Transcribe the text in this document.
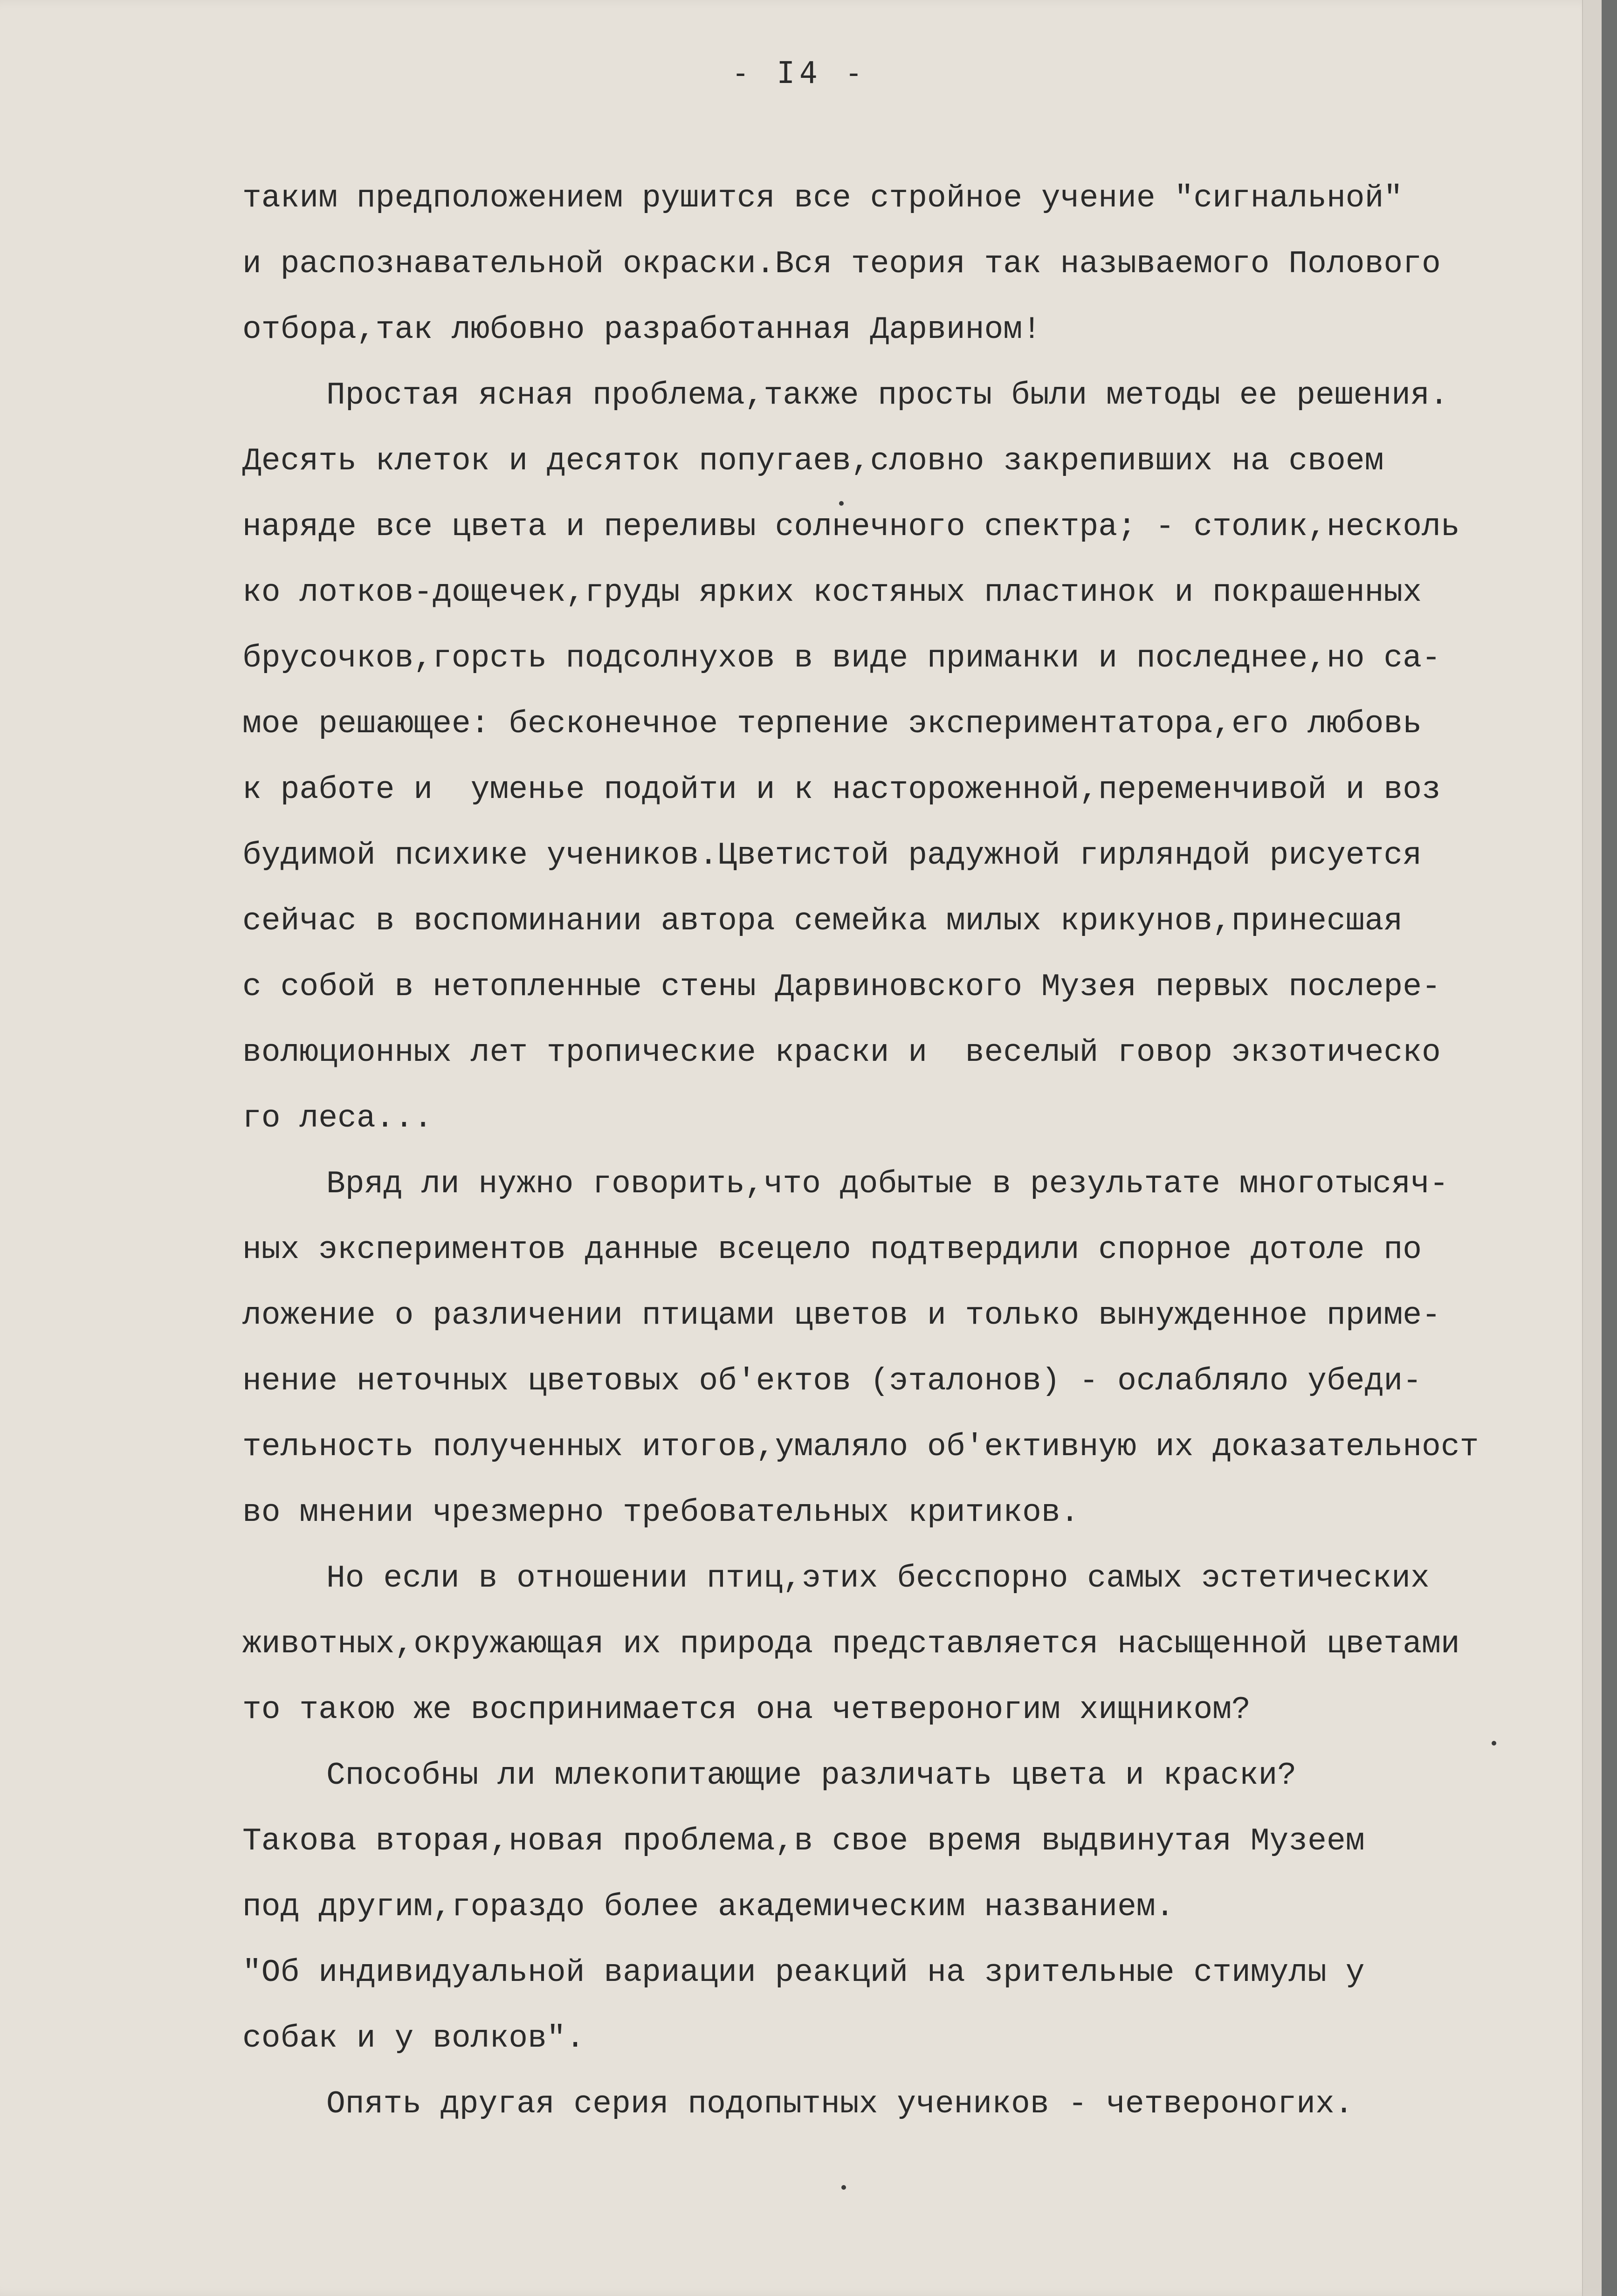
- I4 -
таким предположением рушится все стройное учение "сигнальной"
и распознавательной окраски.Вся теория так называемого Полового
отбора,так любовно разработанная Дарвином!
Простая ясная проблема,также просты были методы ее решения.
Десять клеток и десяток попугаев,словно закрепивших на своем
наряде все цвета и переливы солнечного спектра; - столик,несколь
ко лотков-дощечек,груды ярких костяных пластинок и покрашенных
брусочков,горсть подсолнухов в виде приманки и последнее,но са-
мое решающее: бесконечное терпение экспериментатора,его любовь
к работе и  уменье подойти и к настороженной,переменчивой и воз
будимой психике учеников.Цветистой радужной гирляндой рисуется
сейчас в воспоминании автора семейка милых крикунов,принесшая
с собой в нетопленные стены Дарвиновского Музея первых послере-
волюционных лет тропические краски и  веселый говор экзотическо
го леса...
Вряд ли нужно говорить,что добытые в результате многотысяч-
ных экспериментов данные всецело подтвердили спорное дотоле по
ложение о различении птицами цветов и только вынужденное приме-
нение неточных цветовых об'ектов (эталонов) - ослабляло убеди-
тельность полученных итогов,умаляло об'ективную их доказательност
во мнении чрезмерно требовательных критиков.
Но если в отношении птиц,этих бесспорно самых эстетических
животных,окружающая их природа представляется насыщенной цветами
то такою же воспринимается она четвероногим хищником?
Способны ли млекопитающие различать цвета и краски?
Такова вторая,новая проблема,в свое время выдвинутая Музеем
под другим,гораздо более академическим названием.
"Об индивидуальной вариации реакций на зрительные стимулы у
собак и у волков".
Опять другая серия подопытных учеников - четвероногих.
